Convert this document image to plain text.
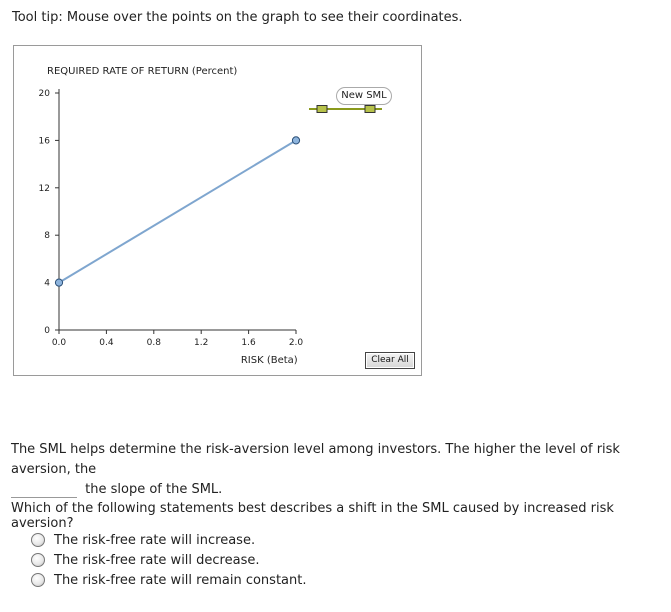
Tool tip: Mouse over the points on the graph to see their coordinates.
REQUIRED RATE OF RETURN (Percent)
0
4
8
12
16
20
0.0	0.4	0.8	1.2	1.6	2.0
RISK (Beta)
New SML
Clear All
The SML helps determine the risk-aversion level among investors. The higher the level of risk aversion, the
the slope of the SML.
Which of the following statements best describes a shift in the SML caused by increased risk aversion?
The risk-free rate will increase.
The risk-free rate will decrease.
The risk-free rate will remain constant.
